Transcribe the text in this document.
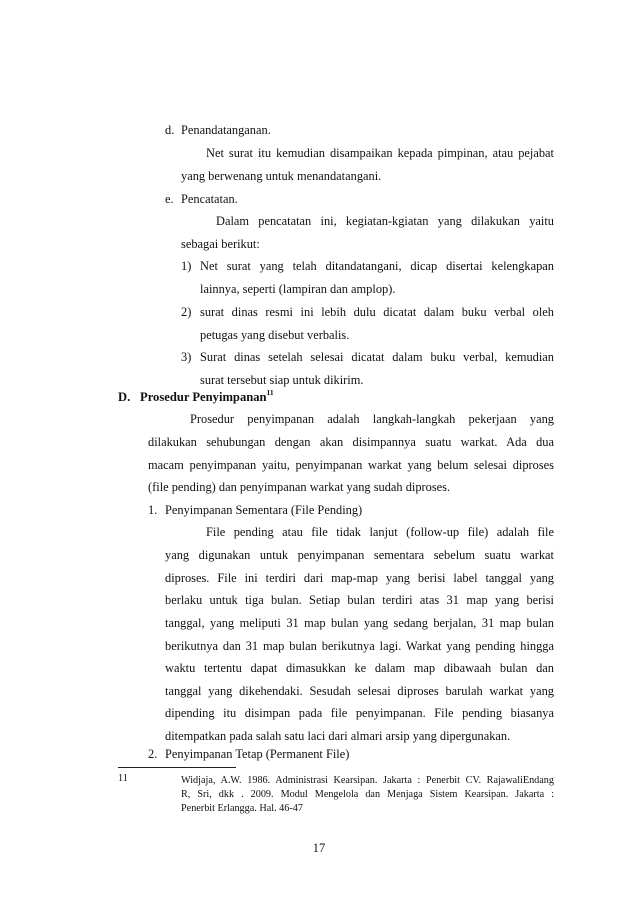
d. Penandatanganan.
Net surat itu kemudian disampaikan kepada pimpinan, atau pejabat
yang berwenang untuk menandatangani.
e. Pencatatan.
Dalam pencatatan ini, kegiatan-kgiatan yang dilakukan yaitu
sebagai berikut:
1) Net surat yang telah ditandatangani, dicap disertai kelengkapan
lainnya, seperti (lampiran dan amplop).
2) surat dinas resmi ini lebih dulu dicatat dalam buku verbal oleh
petugas yang disebut verbalis.
3) Surat dinas setelah selesai dicatat dalam buku verbal, kemudian
surat tersebut siap untuk dikirim.
D. Prosedur Penyimpanan$^{11}$
Prosedur penyimpanan adalah langkah-langkah pekerjaan yang
dilakukan sehubungan dengan akan disimpannya suatu warkat. Ada dua
macam penyimpanan yaitu, penyimpanan warkat yang belum selesai diproses
(file pending) dan penyimpanan warkat yang sudah diproses.
1. Penyimpanan Sementara (File Pending)
File pending atau file tidak lanjut (follow-up file) adalah file
yang digunakan untuk penyimpanan sementara sebelum suatu warkat
diproses. File ini terdiri dari map-map yang berisi label tanggal yang
berlaku untuk tiga bulan. Setiap bulan terdiri atas 31 map yang berisi
tanggal, yang meliputi 31 map bulan yang sedang berjalan, 31 map bulan
berikutnya dan 31 map bulan berikutnya lagi. Warkat yang pending hingga
waktu tertentu dapat dimasukkan ke dalam map dibawaah bulan dan
tanggal yang dikehendaki. Sesudah selesai diproses barulah warkat yang
dipending itu disimpan pada file penyimpanan. File pending biasanya
ditempatkan pada salah satu laci dari almari arsip yang dipergunakan.
2. Penyimpanan Tetap (Permanent File)
11	Widjaja, A.W. 1986. Administrasi Kearsipan. Jakarta : Penerbit CV. RajawaliEndang
R, Sri, dkk . 2009. Modul Mengelola dan Menjaga Sistem Kearsipan. Jakarta :
Penerbit Erlangga. Hal. 46-47
17
